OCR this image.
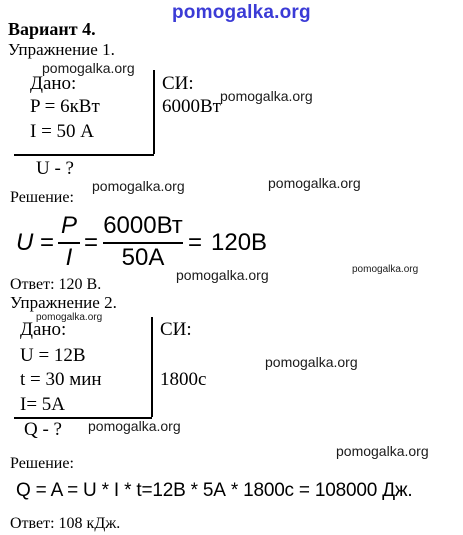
pomogalka.org
Вариант 4.
Упражнение 1.
pomogalka.org
Дано:	СИ:
P = 6кВт	6000Вт pomogalka.org
I = 50 А
U - ?
pomogalka.org	pomogalka.org
Решение:
U =
P
I
=
6000Вт
50А
= 120В
pomogalka.org	pomogalka.org
Ответ: 120 В.
Упражнение 2.
pomogalka.org
Дано:	СИ:
U = 12В	pomogalka.org
t = 30 мин	1800с
I= 5А
Q - ? pomogalka.org
pomogalka.org
Решение:
Q = A = U * I * t=12В * 5А * 1800с = 108000 Дж.
Ответ: 108 кДж.
